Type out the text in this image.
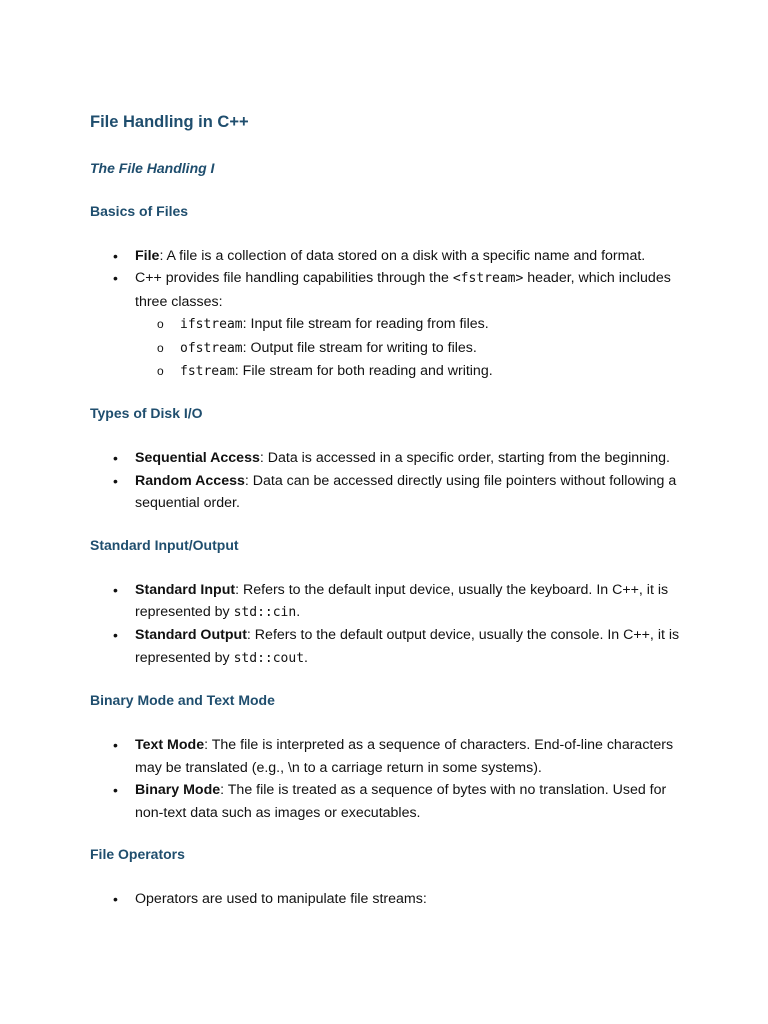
File Handling in C++
The File Handling I
Basics of Files
• File: A file is a collection of data stored on a disk with a specific name and format.
• C++ provides file handling capabilities through the <fstream> header, which includes three classes:
o ifstream: Input file stream for reading from files.
o ofstream: Output file stream for writing to files.
o fstream: File stream for both reading and writing.
Types of Disk I/O
• Sequential Access: Data is accessed in a specific order, starting from the beginning.
• Random Access: Data can be accessed directly using file pointers without following a sequential order.
Standard Input/Output
• Standard Input: Refers to the default input device, usually the keyboard. In C++, it is represented by std::cin.
• Standard Output: Refers to the default output device, usually the console. In C++, it is represented by std::cout.
Binary Mode and Text Mode
• Text Mode: The file is interpreted as a sequence of characters. End-of-line characters may be translated (e.g., \n to a carriage return in some systems).
• Binary Mode: The file is treated as a sequence of bytes with no translation. Used for non-text data such as images or executables.
File Operators
• Operators are used to manipulate file streams:
